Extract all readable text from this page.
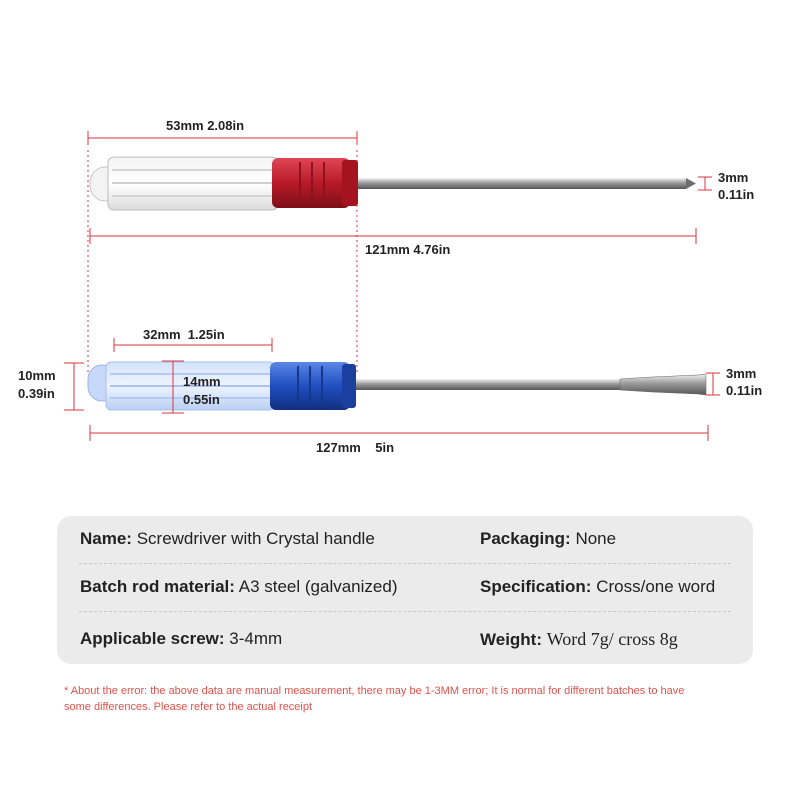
53mm 2.08in
3mm
0.11in
121mm 4.76in
32mm  1.25in
10mm
0.39in
14mm
0.55in
3mm
0.11in
127mm    5in
Name: Screwdriver with Crystal handle	Packaging: None
Batch rod material: A3 steel (galvanized)	Specification: Cross/one word
Applicable screw: 3-4mm	Weight: Word 7g/ cross 8g
* About the error: the above data are manual measurement, there may be 1-3MM error; It is normal for different batches to have
some differences. Please refer to the actual receipt
